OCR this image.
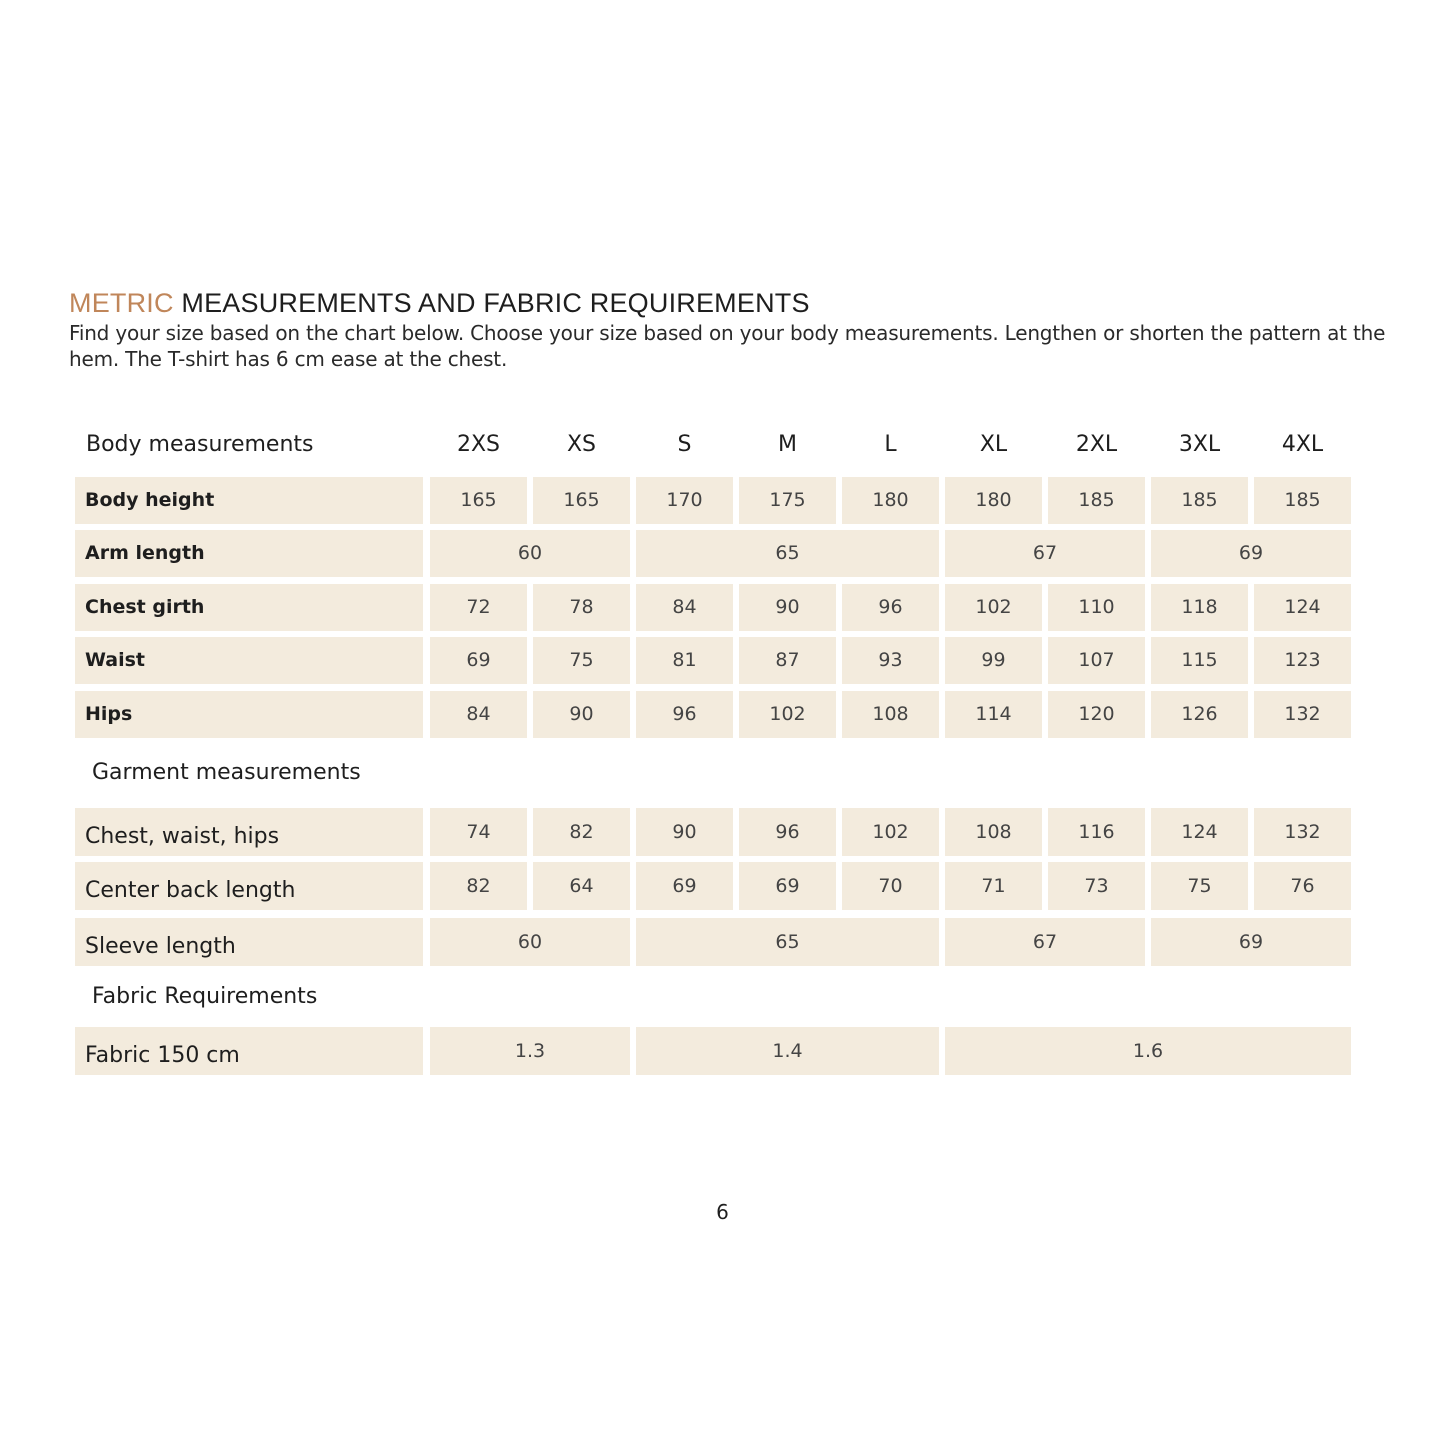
METRIC MEASUREMENTS AND FABRIC REQUIREMENTS
Find your size based on the chart below. Choose your size based on your body measurements. Lengthen or shorten the pattern at the hem. The T-shirt has 6 cm ease at the chest.
Body measurements	2XS	XS	S	M	L	XL	2XL	3XL	4XL
Body height	165	165	170	175	180	180	185	185	185
Arm length	60	65	67	69
Chest girth	72	78	84	90	96	102	110	118	124
Waist	69	75	81	87	93	99	107	115	123
Hips	84	90	96	102	108	114	120	126	132
Garment measurements
Chest, waist, hips	74	82	90	96	102	108	116	124	132
Center back length	82	64	69	69	70	71	73	75	76
Sleeve length	60	65	67	69
Fabric Requirements
Fabric 150 cm	1.3	1.4	1.6
6
